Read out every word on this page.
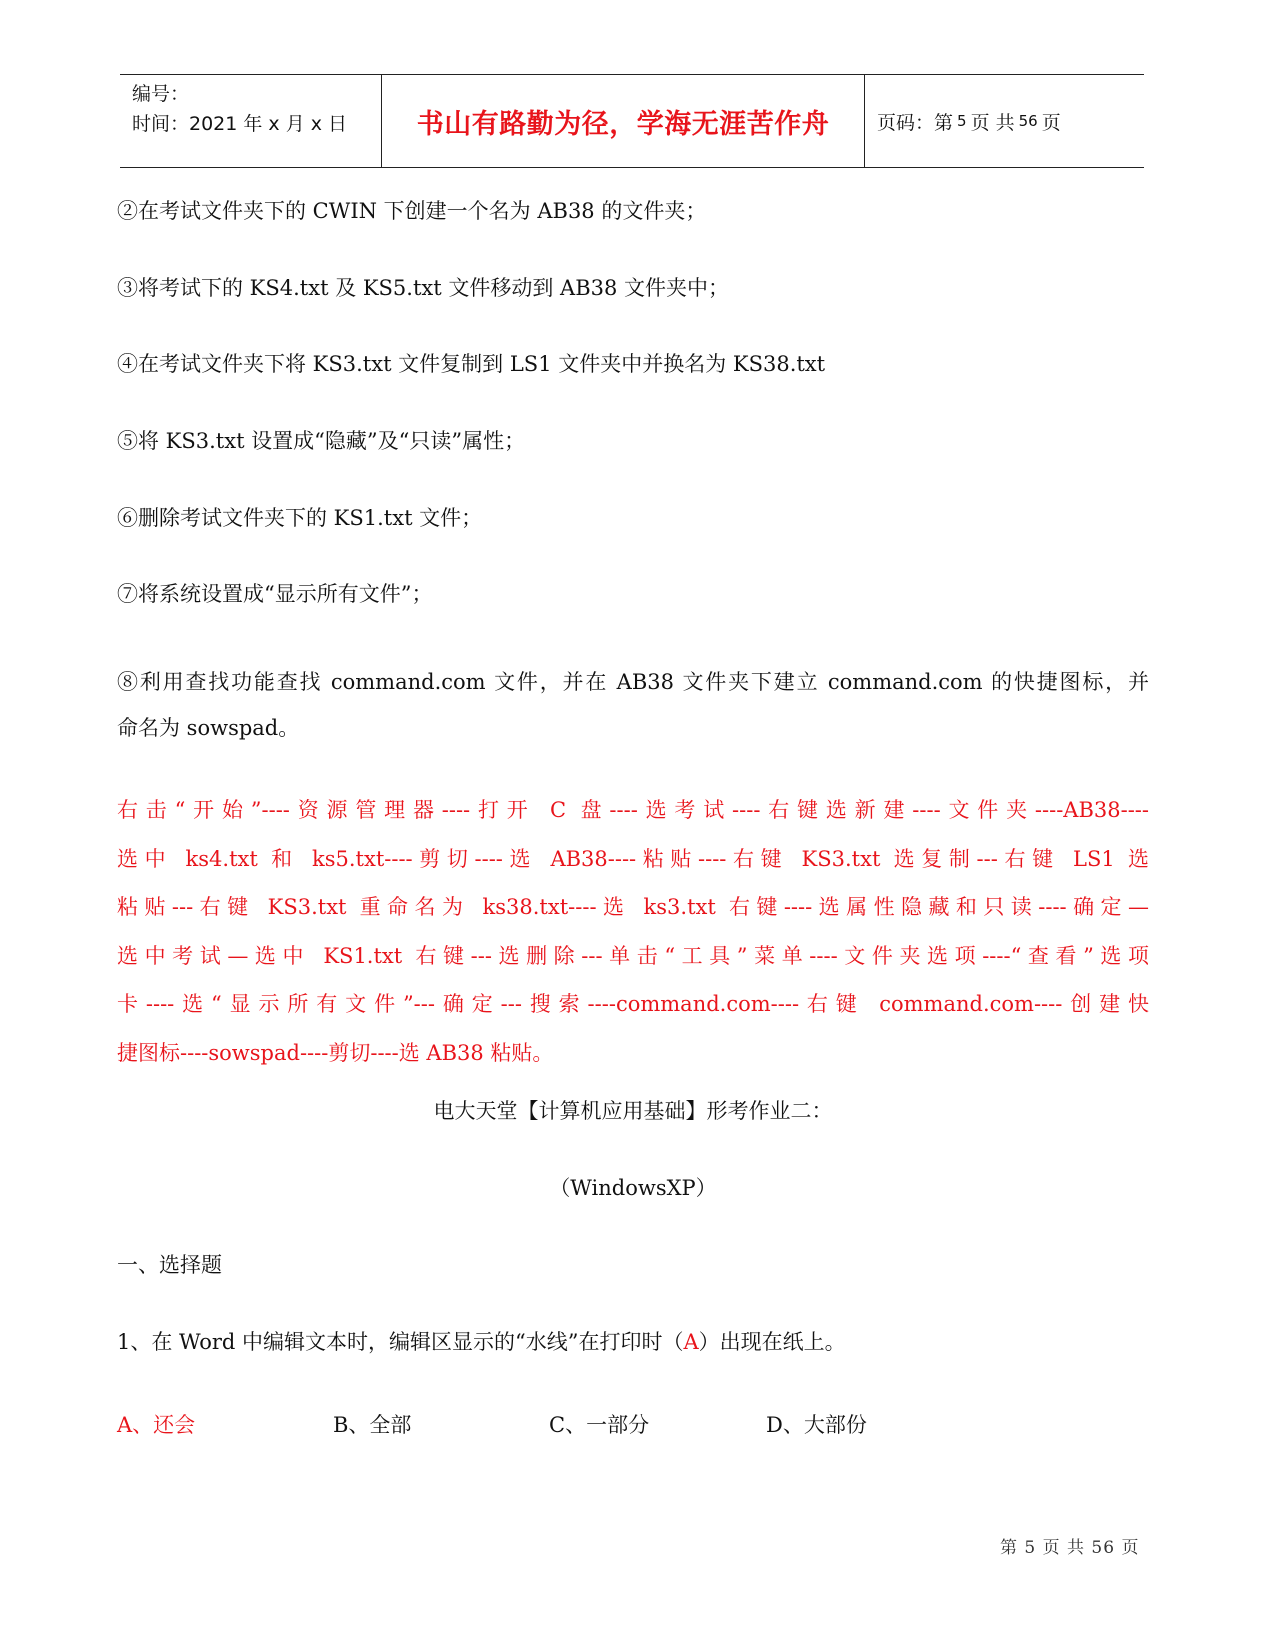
编号：
时间：2021 年 x 月 x 日	书山有路勤为径，学海无涯苦作舟	页码：第 5 页 共 56 页
②在考试文件夹下的 CWIN 下创建一个名为 AB38 的文件夹；
③将考试下的 KS4.txt 及 KS5.txt 文件移动到 AB38 文件夹中；
④在考试文件夹下将 KS3.txt 文件复制到 LS1 文件夹中并换名为 KS38.txt
⑤将 KS3.txt 设置成“隐藏”及“只读”属性；
⑥删除考试文件夹下的 KS1.txt 文件；
⑦将系统设置成“显示所有文件”；
⑧利用查找功能查找 command.com 文件，并在 AB38 文件夹下建立 command.com 的快捷图标，并
命名为 sowspad。
右击“开始”----资源管理器----打开 C 盘----选考试----右键选新建----文件夹----AB38----
选中 ks4.txt 和 ks5.txt----剪切----选 AB38----粘贴----右键 KS3.txt 选复制---右键 LS1 选
粘贴---右键 KS3.txt 重命名为 ks38.txt----选 ks3.txt 右键----选属性隐藏和只读----确定—
选中考试—选中 KS1.txt 右键---选删除---单击“工具”菜单----文件夹选项----“查看”选项
卡----选“显示所有文件”---确定---搜索----command.com----右键 command.com----创建快
捷图标----sowspad----剪切----选 AB38 粘贴。
电大天堂【计算机应用基础】形考作业二：
（WindowsXP）
一、选择题
1、在 Word 中编辑文本时，编辑区显示的“水线”在打印时（A）出现在纸上。
A、还会	B、全部	C、一部分	D、大部份
第 5 页 共 56 页
